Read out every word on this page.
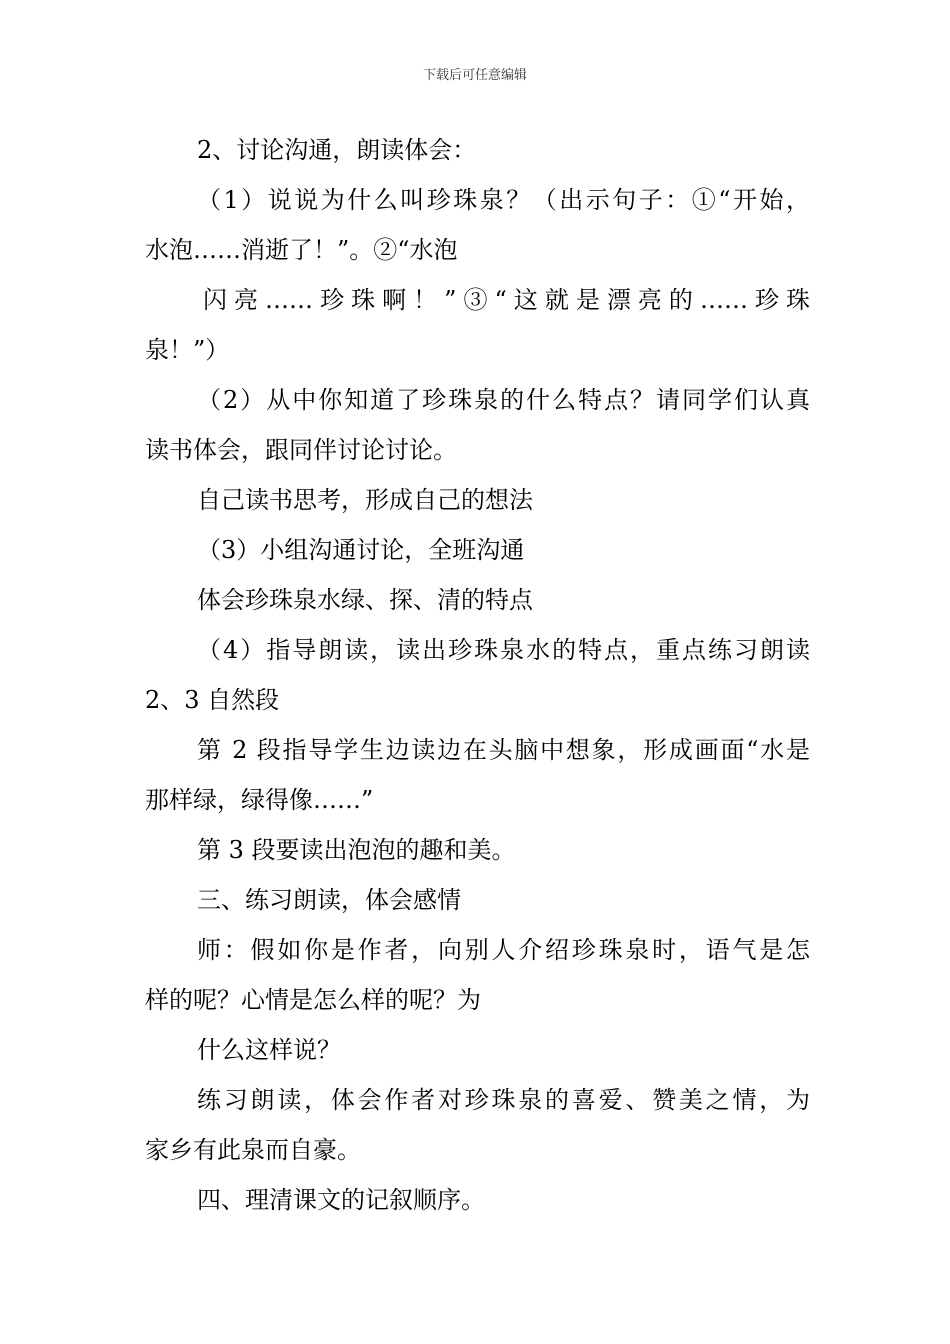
下载后可任意编辑
2、讨论沟通，朗读体会：
（1）说说为什么叫珍珠泉？（出示句子：①“开始，
水泡……消逝了！”。②“水泡
闪亮……珍珠啊！”③“这就是漂亮的……珍珠
泉！”）
（2）从中你知道了珍珠泉的什么特点？请同学们认真
读书体会，跟同伴讨论讨论。
自己读书思考，形成自己的想法
（3）小组沟通讨论，全班沟通
体会珍珠泉水绿、探、清的特点
（4）指导朗读，读出珍珠泉水的特点，重点练习朗读
2、3 自然段
第 2 段指导学生边读边在头脑中想象，形成画面“水是
那样绿，绿得像……”
第 3 段要读出泡泡的趣和美。
三、练习朗读，体会感情
师：假如你是作者，向别人介绍珍珠泉时，语气是怎
样的呢？心情是怎么样的呢？为
什么这样说？
练习朗读，体会作者对珍珠泉的喜爱、赞美之情，为
家乡有此泉而自豪。
四、理清课文的记叙顺序。
